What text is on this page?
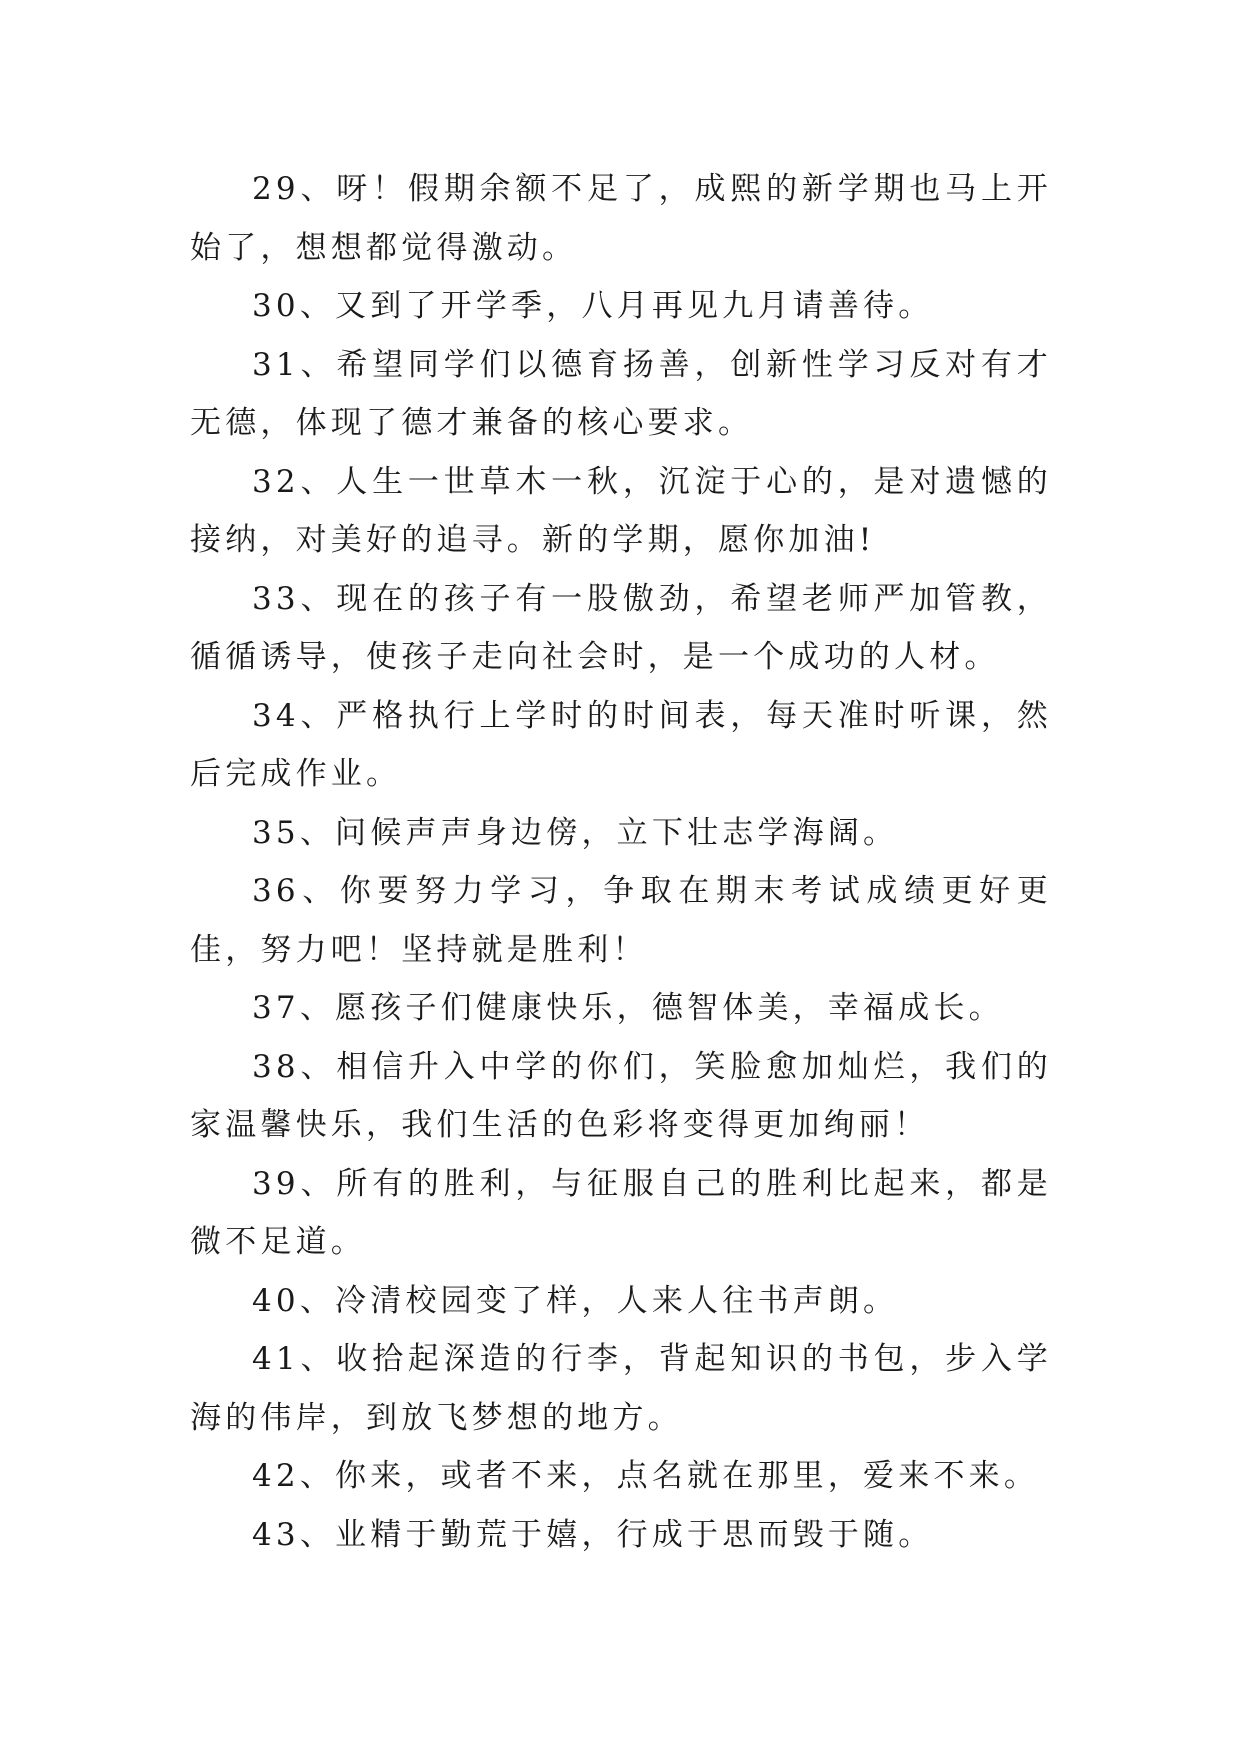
29、呀！假期余额不足了，成熙的新学期也马上开始了，想想都觉得激动。

30、又到了开学季，八月再见九月请善待。

31、希望同学们以德育扬善，创新性学习反对有才无德，体现了德才兼备的核心要求。

32、人生一世草木一秋，沉淀于心的，是对遗憾的接纳，对美好的追寻。新的学期，愿你加油!

33、现在的孩子有一股傲劲，希望老师严加管教，循循诱导，使孩子走向社会时，是一个成功的人材。

34、严格执行上学时的时间表，每天准时听课，然后完成作业。

35、问候声声身边傍，立下壮志学海阔。

36、你要努力学习，争取在期末考试成绩更好更佳，努力吧！坚持就是胜利！

37、愿孩子们健康快乐，德智体美，幸福成长。

38、相信升入中学的你们，笑脸愈加灿烂，我们的家温馨快乐，我们生活的色彩将变得更加绚丽！

39、所有的胜利，与征服自己的胜利比起来，都是微不足道。

40、冷清校园变了样，人来人往书声朗。

41、收拾起深造的行李，背起知识的书包，步入学海的伟岸，到放飞梦想的地方。

42、你来，或者不来，点名就在那里，爱来不来。

43、业精于勤荒于嬉，行成于思而毁于随。
